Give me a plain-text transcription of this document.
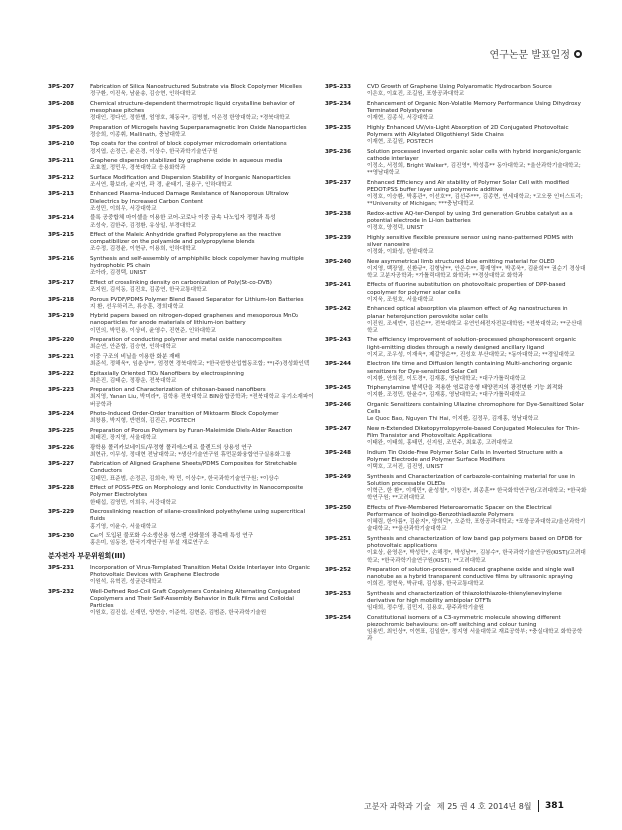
연구논문 발표일정
3PS-207	Fabrication of Silica Nanostructured Substrate via Block Copolymer Micelles
정구환, 이진욱, 남윤송, 김승현, 인하대학교
3PS-208	Chemical structure-dependent thermotropic liquid crystalline behavior of mesophase pitches
정대인, 정다인, 정한별, 엄영호, 채동국*, 김병철, 이은정 한양대학교; *경북대학교
3PS-209	Preparation of Microgels having Superparamagnetic Iron Oxide Nanoparticles
정승희, 이종휘, Mallinath, 충남대학교
3PS-210	Top coats for the control of block copolymer microdomain orientations
정지엽, 손정근, 윤은경, 이상수, 한국과학기술연구원
3PS-211	Graphene dispersion stabilized by graphene oxide in aqueous media
조효철, 정민우, 경북대학교 응용화학과
3PS-212	Surface Modification and Dispersion Stability of Inorganic Nanoparticles
조서연, 황보라, 윤지연, 곽 경, 윤태기, 권용구, 인하대학교
3PS-213	Enhanced Plasma-Induced Damage Resistance of Nanoporous Ultralow Dielectrics by Increased Carbon Content
조성민, 이희우, 서강대학교
3PS-214	블록 공중합체 마이셀을 이용한 코어-코로나 이중 금속 나노입자 정렬과 특성
조성숙, 김한주, 김정환, 유상일, 부경대학교
3PS-215	Effect of the Maleic Anhydride grafted Polypropylene as the reactive compatibilizer on the polyamide and polypropylene blends
조수정, 김경윤, 이현규, 이용희, 인하대학교
3PS-216	Synthesis and self-assembly of amphiphilic block copolymer having multiple hydrophobic PS chain
조아라, 김경택, UNIST
3PS-217	Effect of crosslinking density on carbonization of Poly(St-co-DVB)
조지원, 김석동, 김진호, 김종연, 한국교통대학교
3PS-218	Porous PVDF/PDMS Polymer Blend Based Separator for Lithium-Ion Batteries
지 환, 선우하리즈, 류승훈, 경희대학교
3PS-219	Hybrid papers based on nitrogen-doped graphenes and mesoporous MnO₂ nanoparticles for anode materials of lithium-ion battery
이민의, 박민용, 이상비, 윤영수, 진현준, 인하대학교
3PS-220	Preparation of conducting polymer and metal oxide nanocomposites
최순연, 안준합, 김승현, 인하대학교
3PS-221	이중 구조의 비닐을 이용한 화분 재배
최준석, 정해욱*, 임춘상**, 엄정현 경북대학교; *한국한방산업협동조합; **(주)경성화인텍
3PS-222	Epitaxially Oriented TiO₂ Nanofibers by electrospinning
최은진, 김태순, 정광운, 전북대학교
3PS-223	Preparation and Characterization of chitosan-based nanofibers
최지영, Yanan Liu, 박미라*, 김학용 전북대학교 BIN융합공학과; *전북대학교 유기소재파이버공학과
3PS-224	Photo-Induced Order-Order transition of Miktoarm Block Copolymer
최창룡, 박지형, 반변희, 김진곤, POSTECH
3PS-225	Preparation of Porous Polymers by Furan-Maleimide Diels-Alder Reaction
최태진, 장지영, 서울대학교
3PS-226	광학용 폴리카보네이트/무정형 폴리에스테르 블렌드의 상용성 연구
최현규, 이무성, 정대현 전남대학교; *생산기술연구원 휴먼문화융합연구실용화그룹
3PS-227	Fabrication of Aligned Graphene Sheets/PDMS Composites for Stretchable Conductors
김태민, 표준범, 손정곤, 김희숙, 박 민, 이상수*, 한국과학기술연구원; *이상수
3PS-228	Effect of POSS-PEG on Morphology and Ionic Conductivity in Nanocomposite Polymer Electrolytes
한태섭, 김영민, 이희우, 서강대학교
3PS-229	Decrosslinking reaction of silane-crosslinked polyethylene using supercritical fluids
홍기영, 이윤수, 서울대학교
3PS-230	C₆₀이 도입된 불포화 수소생산용 헝스벤 산화물의 광촉매 특성 연구
홍은미, 임동찬, 한국기계연구원 부설 재료연구소
분자전자 부문위원회(III)
3PS-231	Incorporation of Virus-Templated Transition Metal Oxide Interlayer into Organic Photovoltaic Devices with Graphene Electrode
이원석, 유혁진, 성균관대학교
3PS-232	Well-Defined Rod-Coil Graft Copolymers Containing Alternating Conjugated Copolymers and Their Self-Assembly Behavior in Bulk Films and Colloidal Particles
이원호, 김진섭, 신재민, 양현승, 이준혁, 김현준, 김범준, 한국과학기술원
3PS-233	CVD Growth of Graphene Using Polyaromatic Hydrocarbon Source
이은호, 이효진, 조길원, 포항공과대학교
3PS-234	Enhancement of Organic Non-Volatile Memory Performance Using Dihydroxy Terminated Polystyrene
이재현, 김종식, 서강대학교
3PS-235	Highly Enhanced UV/vis-Light Absorption of 2D Conjugated Photovoltaic Polymers with Alkylated Oligothienyl Side Chains
이재현, 조길원, POSTECH
3PS-236	Solution processed inverted organic solar cells with hybrid inorganic/organic cathode interlayer
이정소, 서정희, Bright Walker*, 김진영*, 박성흠** 동아대학교; *울산과학기술대학교; **영남대학교
3PS-237	Enhanced Efficiency and Air stability of Polymer Solar Cell with modified PEDOT:PSS buffer layer using polymeric additive
이정호, 이승환, 박홍관*, 이선호**, 김선주***, 김종현, 연세대학교; *고오풍 인터스트리; **University of Michigan; ***충남대학교
3PS-238	Redox-active AQ-ter-Denpol by using 3rd generation Grubbs catalyst as a potential electrode in Li-ion batteries
이정호, 양정덕, UNIST
3PS-239	Highly sensitive flexible pressure sensor using nano-patterned PDMS with silver nanowire
이정화, 이화성, 한밭대학교
3PS-240	New asymmetrical limb structured blue emitting material for OLED
이지영, 백장열, 신환규*, 김형남**, 안은수**, 황재영**, 박종욱*, 김윤희** 권순기 경상대학교 고분자공학과; *가톨릭대학교 화학과; **경상대학교 화학과
3PS-241	Effects of fluorine substitution on photovoltaic properties of DPP-based copolymer for polymer solar cells
이지욱, 조원호, 서울대학교
3PS-242	Enhanced optical absorption via plasmon effect of Ag nanostructures in planar heterojunction perovskite solar cells
이진원, 조세빈*, 김선순**, 전북대학교 유연인쇄전자전문대학원; *전북대학교; **군산대학교
3PS-243	The efficiency improvement of solution-processed phosphorescent organic light-emitting diodes through a newly designed ancillary ligand
이지교, 조우성, 이재욱*, 제갈영순**, 진성호 부산대학교; *동아대학교; **경일대학교
3PS-244	Electron life time and Diffusion length containing Multi-anchoring organic sensitizers for Dye-sensitized Solar Cell
이지환, 안희진, 이도경*, 김재홍, 영남대학교; *대구가톨릭대학교
3PS-245	Triphenylamine 발색단을 적용한 염료감응형 태양전지의 광전변환 기능 최적화
이지환, 조정민, 한윤수*, 김재홍, 영남대학교; *대구가톨릭대학교
3PS-246	Organic Sensitizers containing Ullazine chromophore for Dye-Sensitized Solar Cells
Le Quoc Bao, Nguyen Thi Hai, 이지환, 김정무, 김재홍, 영남대학교
3PS-247	New π-Extended Diketopyrrolopyrrole-based Conjugated Molecules for Thin-Film Transistor and Photovoltaic Applications
이태완, 이태희, 홍태민, 신지원, 조민주, 최효종, 고려대학교
3PS-248	Indium Tin Oxide-Free Polymer Solar Cells in Inverted Structure with a Polymer Electrode and Polymer Surface Modifiers
이택호, 고서진, 김진영, UNIST
3PS-249	Synthesis and Characterization of carbazole-containing material for use in Solution processable OLEDs
이혁근, 한 환*, 이재민*, 윤성철*, 이창진*, 최종훈** 한국화학연구원/고려대학교; *한국화학연구원; **고려대학교
3PS-250	Effects of Five-Membered Heteroaromatic Spacer on the Electrical Performance of Isoindigo-Benzothiadiazole Polymers
이혜림, 한아름*, 김윤지*, 양희덕*, 오준학, 포항공과대학교; *포항공과대학교/울산과학기술대학교; **울산과학기술대학교
3PS-251	Synthesis and characterization of low band gap polymers based on DFDB for photovoltaic applications
이효상, 윤영은*, 박성민*, 손해정*, 박성남**, 김봉수*, 한국과학기술연구원(KIST)/고려대학교; *한국과학기술연구원(KIST); **고려대학교
3PS-252	Preparation of solution-processed reduced graphene oxide and single wall nanotube as a hybrid transparent conductive films by ultrasonic spraying
이희진, 정현욱, 박규대, 김성룡, 한국교통대학교
3PS-253	Synthesis and characterization of thiazolothiazole-thienylenevinylene derivative for high mobility ambipolar OTFTs
임대희, 정수영, 김민지, 김용호, 광주과학기술원
3PS-254	Constitutional isomers of a C3-symmetric molecule showing different piezochromic behaviours: on-off switching and colour tuning
임용빈, 최인상*, 이현표, 김일한*, 정지영 서울대학교 재료공학부; *충실대학교 화학공학과
고분자 과학과 기술 제 25 권 4 호 2014년 8월 381
